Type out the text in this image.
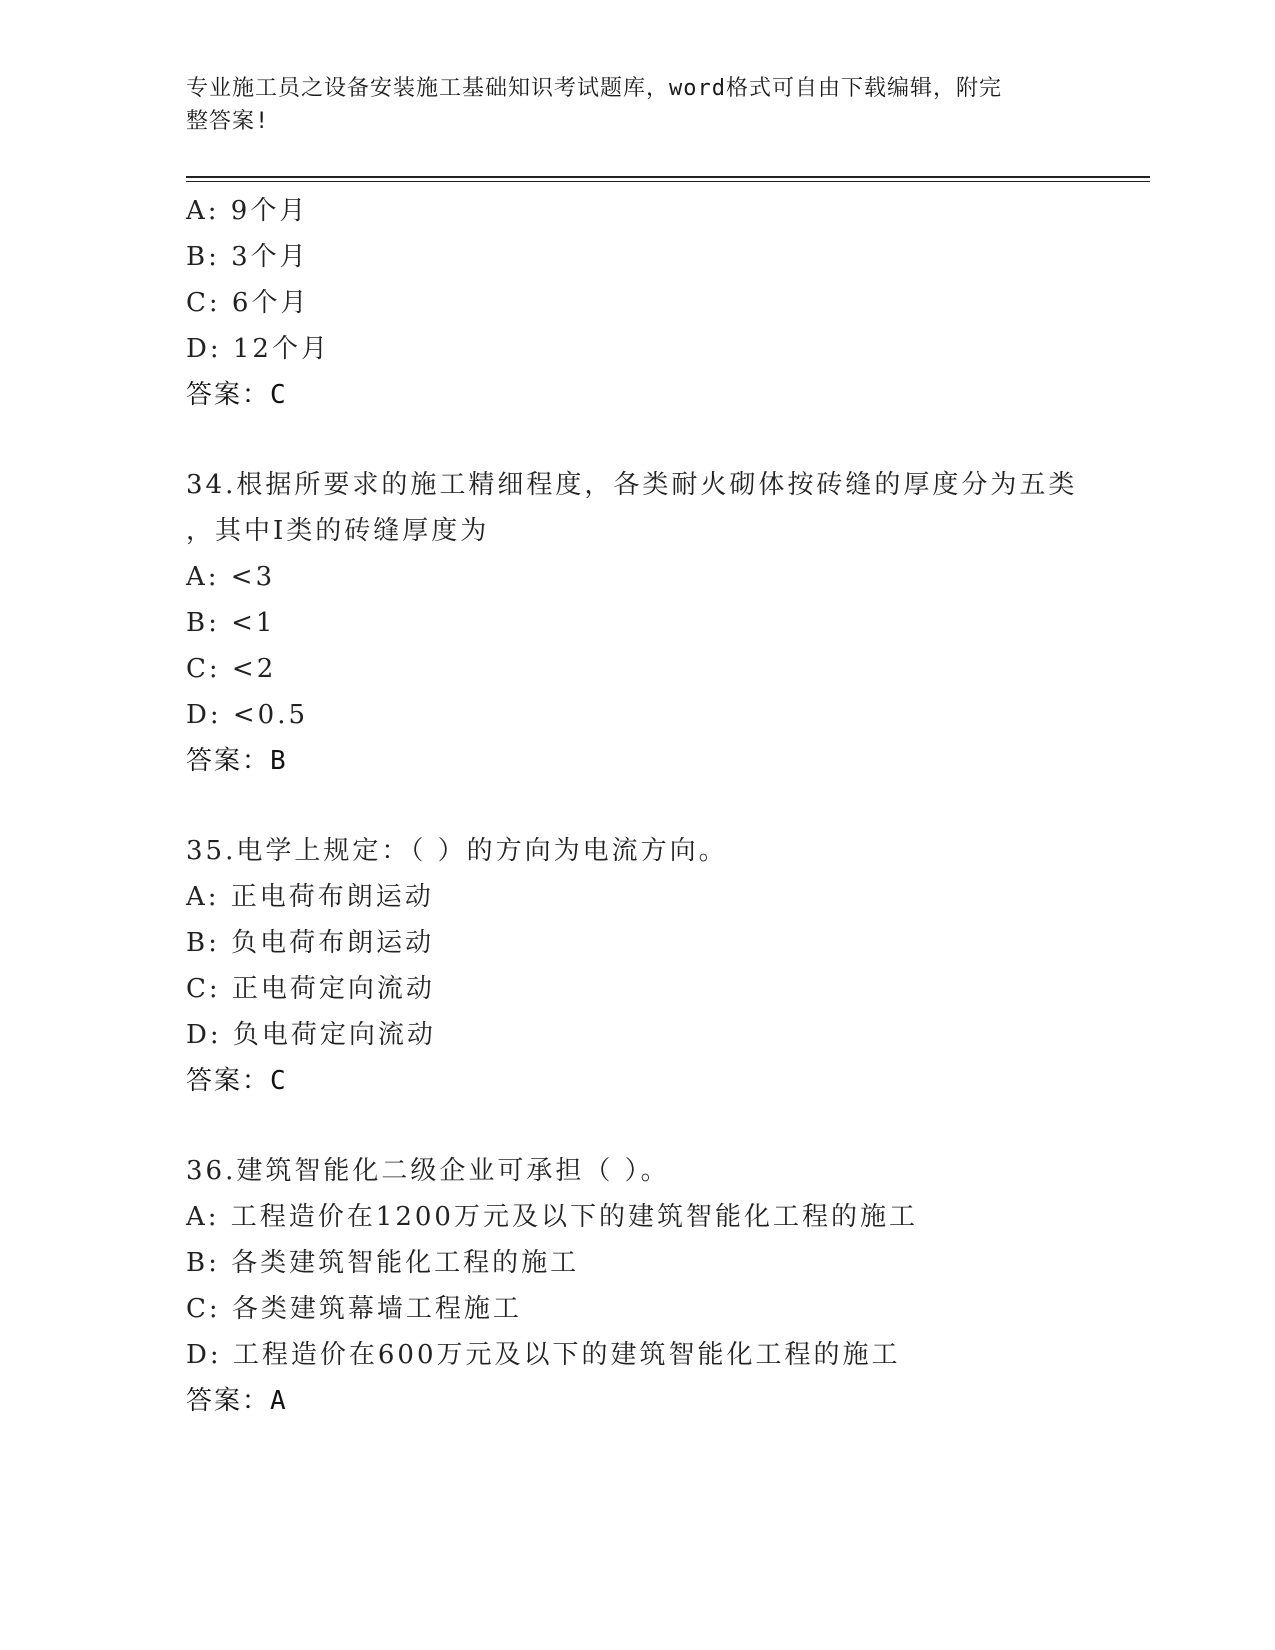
专业施工员之设备安装施工基础知识考试题库，word格式可自由下载编辑，附完
整答案!
A: 9个月
B: 3个月
C: 6个月
D: 12个月
答案：C
34.根据所要求的施工精细程度，各类耐火砌体按砖缝的厚度分为五类
，其中I类的砖缝厚度为
A: <3
B: <1
C: <2
D: <0.5
答案：B
35.电学上规定：（ ）的方向为电流方向。
A: 正电荷布朗运动
B: 负电荷布朗运动
C: 正电荷定向流动
D: 负电荷定向流动
答案：C
36.建筑智能化二级企业可承担（ ）。
A: 工程造价在1200万元及以下的建筑智能化工程的施工
B: 各类建筑智能化工程的施工
C: 各类建筑幕墙工程施工
D: 工程造价在600万元及以下的建筑智能化工程的施工
答案：A
